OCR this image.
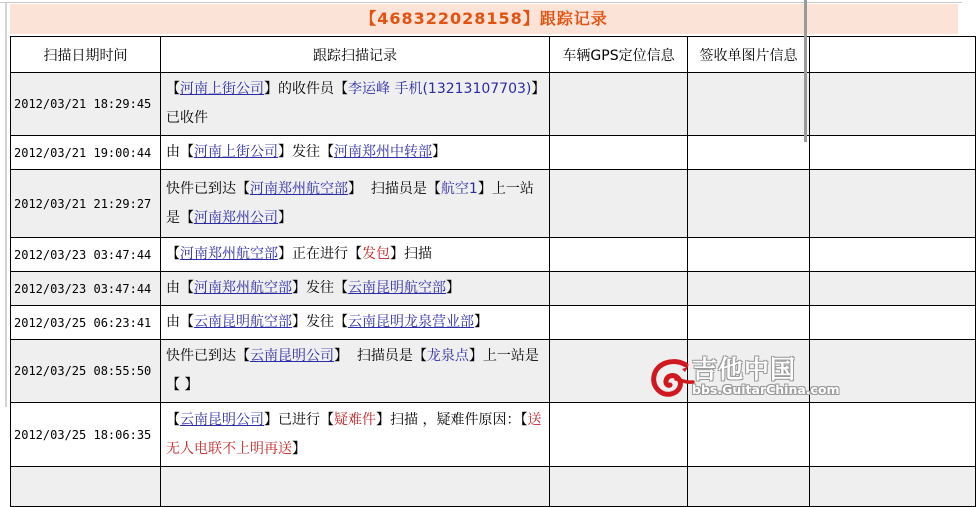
【468322028158】跟踪记录
扫描日期时间	跟踪扫描记录	车辆GPS定位信息	签收单图片信息	
2012/03/21 18:29:45	【河南上街公司】的收件员【李运峰 手机(13213107703)】已收件			
2012/03/21 19:00:44	由【河南上街公司】发往【河南郑州中转部】			
2012/03/21 21:29:27	快件已到达【河南郑州航空部】  扫描员是【航空1】上一站是【河南郑州公司】			
2012/03/23 03:47:44	【河南郑州航空部】正在进行【发包】扫描			
2012/03/23 03:47:44	由【河南郑州航空部】发往【云南昆明航空部】			
2012/03/25 06:23:41	由【云南昆明航空部】发往【云南昆明龙泉营业部】			
2012/03/25 08:55:50	快件已到达【云南昆明公司】  扫描员是【龙泉点】上一站是【 】			
2012/03/25 18:06:35	【云南昆明公司】已进行【疑难件】扫描 ，疑难件原因：【送无人电联不上明再送】			

吉他中国
bbs.GuitarChina.com
